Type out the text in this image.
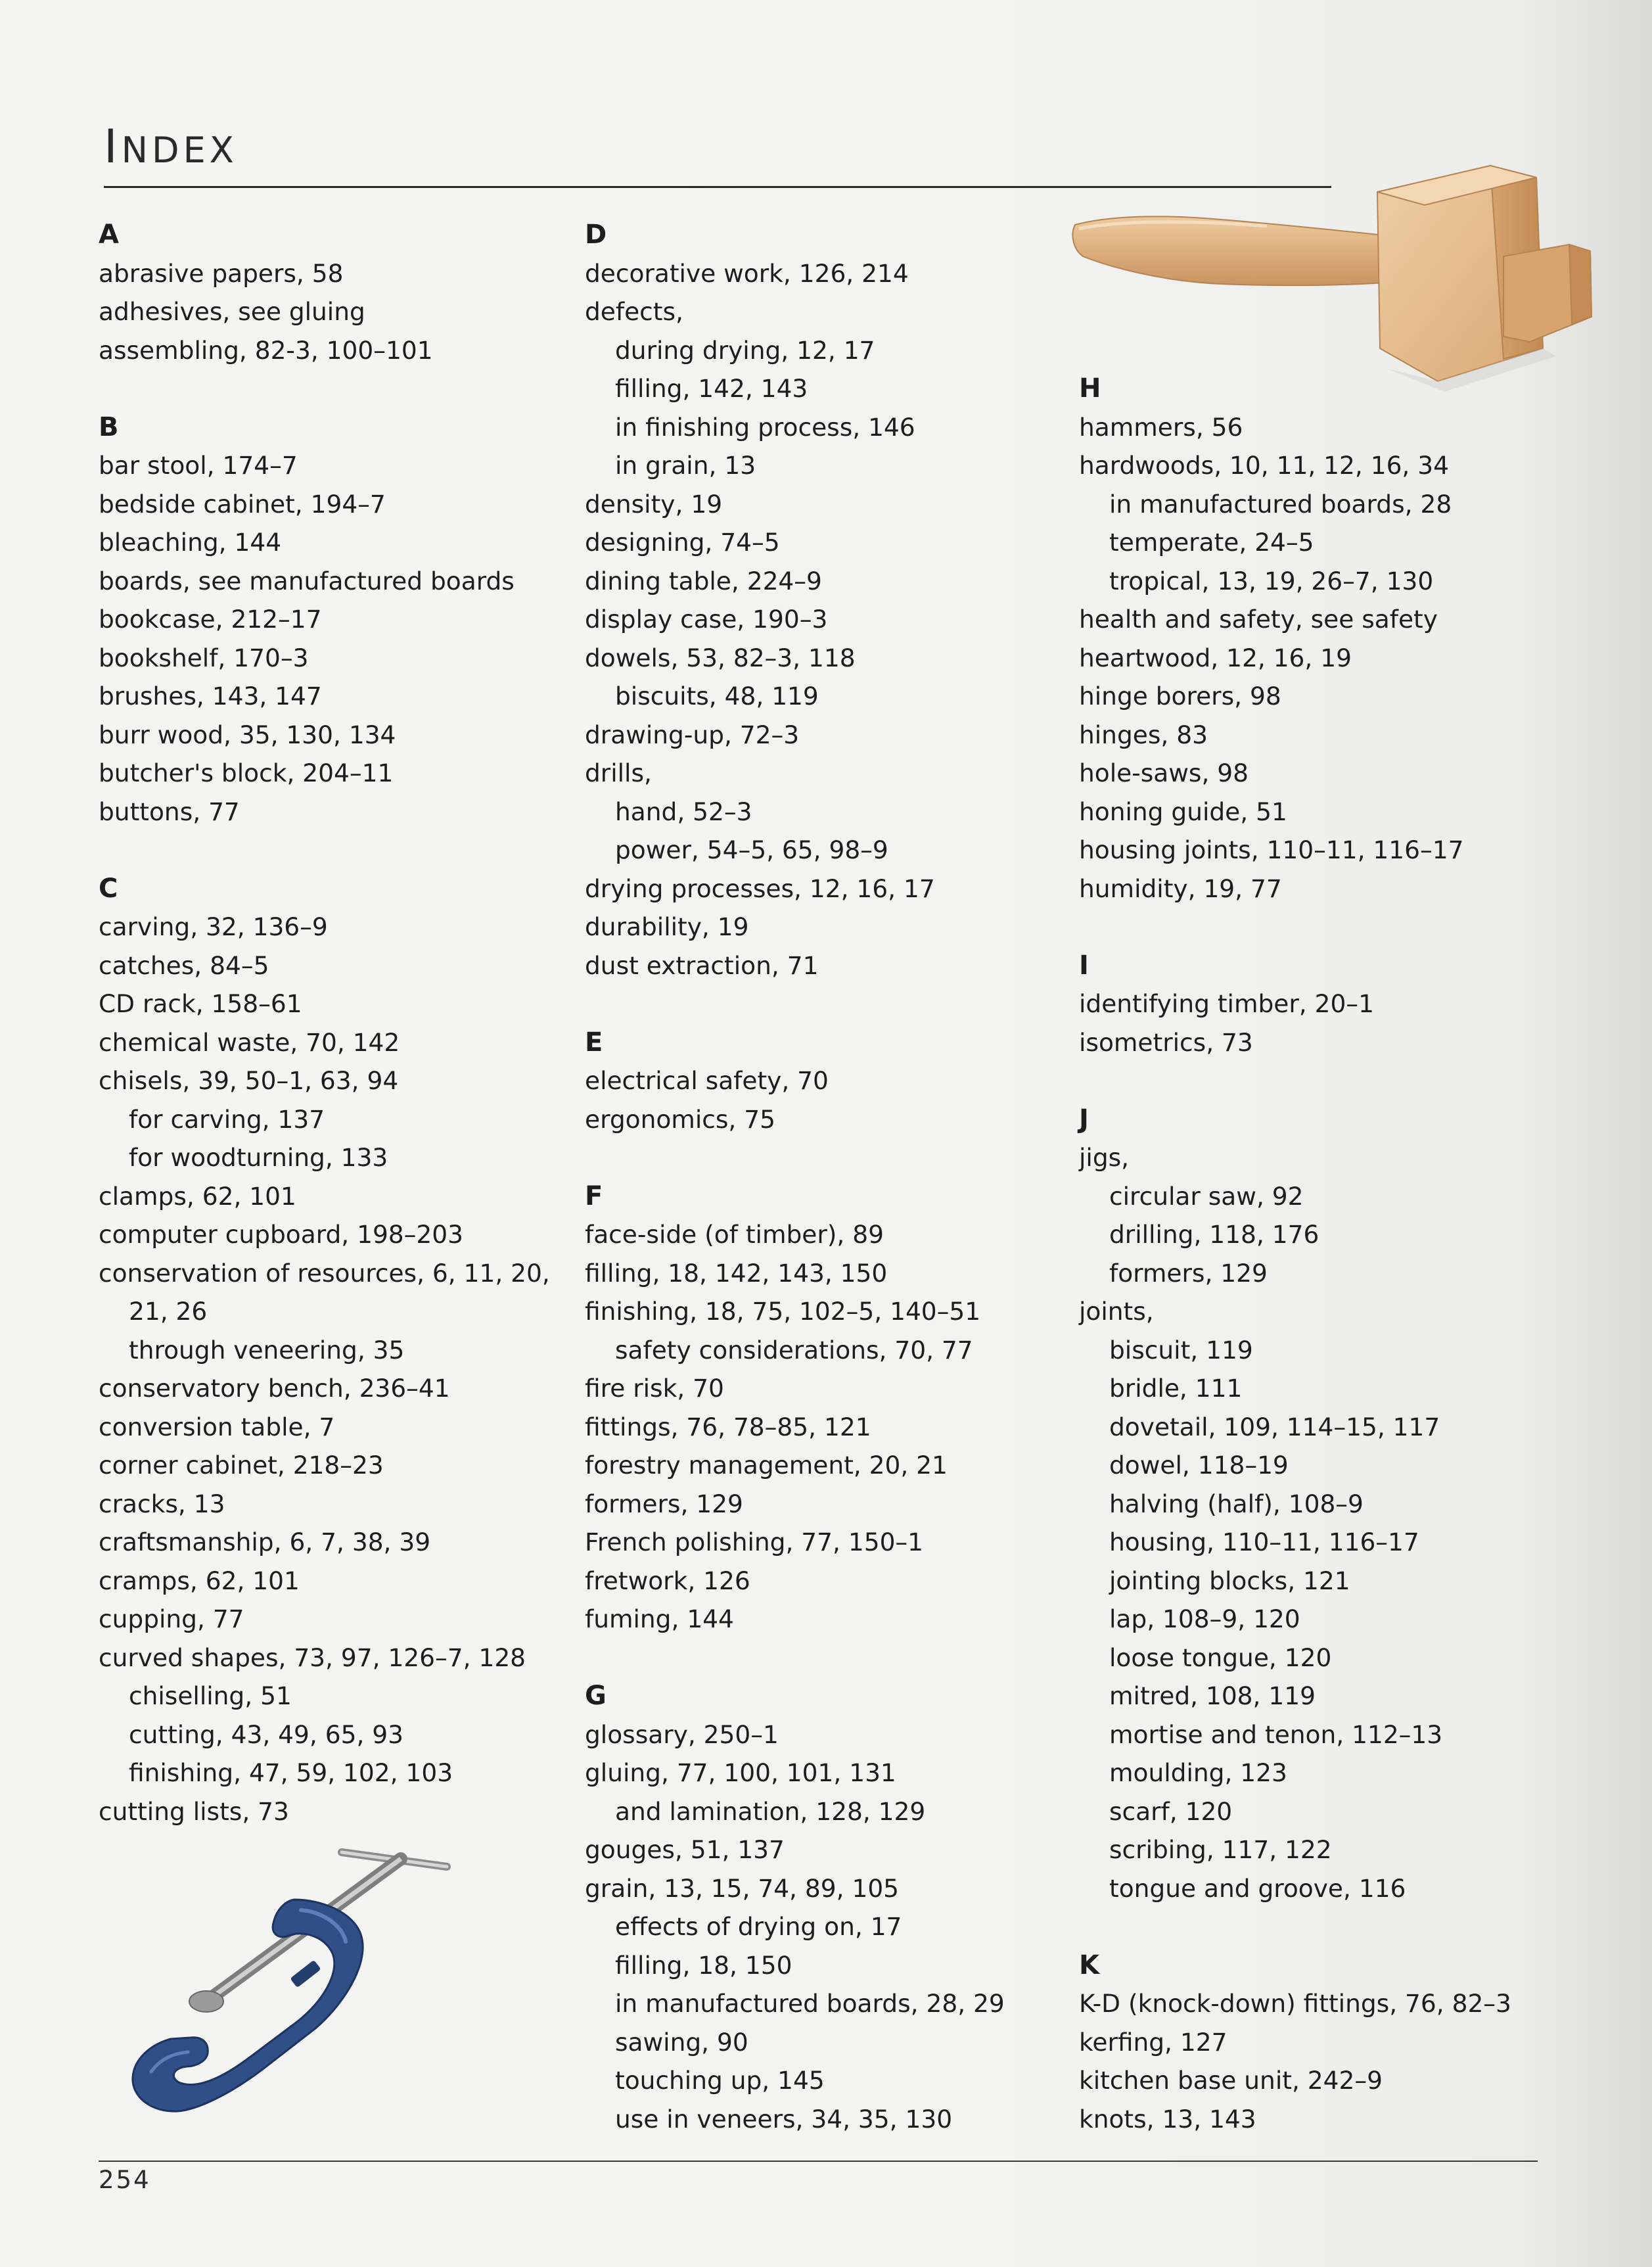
INDEX
A
abrasive papers, 58
adhesives, see gluing
assembling, 82-3, 100–101
B
bar stool, 174–7
bedside cabinet, 194–7
bleaching, 144
boards, see manufactured boards
bookcase, 212–17
bookshelf, 170–3
brushes, 143, 147
burr wood, 35, 130, 134
butcher's block, 204–11
buttons, 77
C
carving, 32, 136–9
catches, 84–5
CD rack, 158–61
chemical waste, 70, 142
chisels, 39, 50–1, 63, 94
for carving, 137
for woodturning, 133
clamps, 62, 101
computer cupboard, 198–203
conservation of resources, 6, 11, 20,
21, 26
through veneering, 35
conservatory bench, 236–41
conversion table, 7
corner cabinet, 218–23
cracks, 13
craftsmanship, 6, 7, 38, 39
cramps, 62, 101
cupping, 77
curved shapes, 73, 97, 126–7, 128
chiselling, 51
cutting, 43, 49, 65, 93
finishing, 47, 59, 102, 103
cutting lists, 73
D
decorative work, 126, 214
defects,
during drying, 12, 17
filling, 142, 143
in finishing process, 146
in grain, 13
density, 19
designing, 74–5
dining table, 224–9
display case, 190–3
dowels, 53, 82–3, 118
biscuits, 48, 119
drawing-up, 72–3
drills,
hand, 52–3
power, 54–5, 65, 98–9
drying processes, 12, 16, 17
durability, 19
dust extraction, 71
E
electrical safety, 70
ergonomics, 75
F
face-side (of timber), 89
filling, 18, 142, 143, 150
finishing, 18, 75, 102–5, 140–51
safety considerations, 70, 77
fire risk, 70
fittings, 76, 78–85, 121
forestry management, 20, 21
formers, 129
French polishing, 77, 150–1
fretwork, 126
fuming, 144
G
glossary, 250–1
gluing, 77, 100, 101, 131
and lamination, 128, 129
gouges, 51, 137
grain, 13, 15, 74, 89, 105
effects of drying on, 17
filling, 18, 150
in manufactured boards, 28, 29
sawing, 90
touching up, 145
use in veneers, 34, 35, 130
H
hammers, 56
hardwoods, 10, 11, 12, 16, 34
in manufactured boards, 28
temperate, 24–5
tropical, 13, 19, 26–7, 130
health and safety, see safety
heartwood, 12, 16, 19
hinge borers, 98
hinges, 83
hole-saws, 98
honing guide, 51
housing joints, 110–11, 116–17
humidity, 19, 77
I
identifying timber, 20–1
isometrics, 73
J
jigs,
circular saw, 92
drilling, 118, 176
formers, 129
joints,
biscuit, 119
bridle, 111
dovetail, 109, 114–15, 117
dowel, 118–19
halving (half), 108–9
housing, 110–11, 116–17
jointing blocks, 121
lap, 108–9, 120
loose tongue, 120
mitred, 108, 119
mortise and tenon, 112–13
moulding, 123
scarf, 120
scribing, 117, 122
tongue and groove, 116
K
K-D (knock-down) fittings, 76, 82–3
kerfing, 127
kitchen base unit, 242–9
knots, 13, 143
254
